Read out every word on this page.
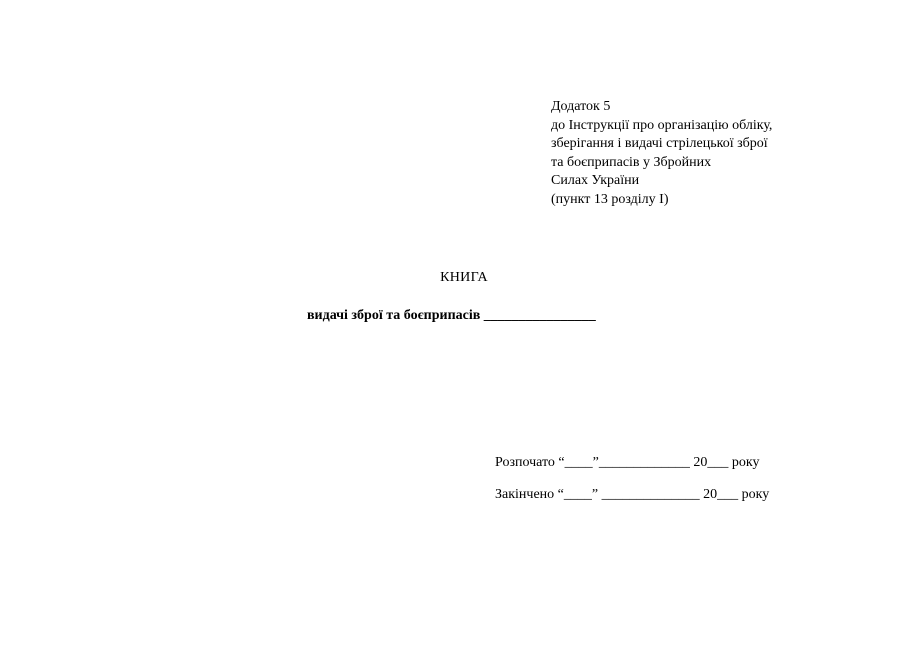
Додаток 5
до Інструкції про організацію обліку,
зберігання і видачі стрілецької зброї
та боєприпасів у Збройних
Силах України
(пункт 13 розділу І)
КНИГА
видачі зброї та боєприпасів ________________
Розпочато “____”_____________ 20___ року
Закінчено “____” ______________ 20___ року
